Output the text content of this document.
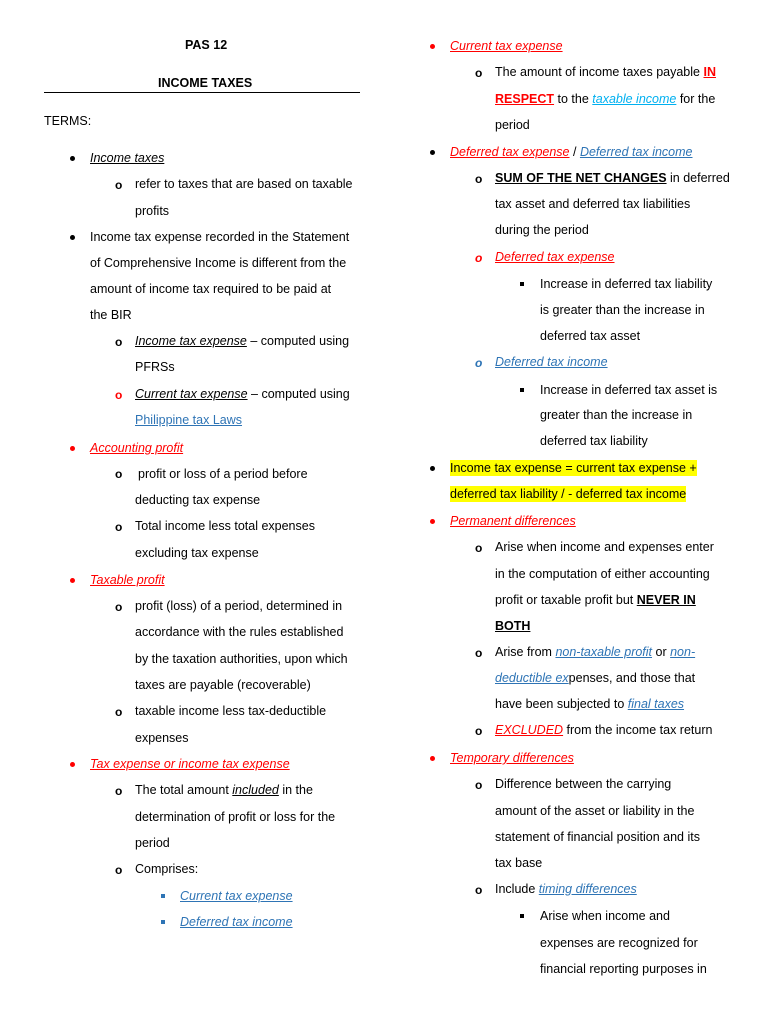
PAS 12
INCOME TAXES
TERMS:
Income taxes
o refer to taxes that are based on taxable
profits
Income tax expense recorded in the Statement
of Comprehensive Income is different from the
amount of income tax required to be paid at
the BIR
o Income tax expense – computed using
PFRSs
o Current tax expense – computed using
Philippine tax Laws
Accounting profit
o profit or loss of a period before
deducting tax expense
o Total income less total expenses
excluding tax expense
Taxable profit
o profit (loss) of a period, determined in
accordance with the rules established
by the taxation authorities, upon which
taxes are payable (recoverable)
o taxable income less tax-deductible
expenses
Tax expense or income tax expense
o The total amount included in the
determination of profit or loss for the
period
o Comprises:
Current tax expense
Deferred tax income
Current tax expense
o The amount of income taxes payable IN
RESPECT to the taxable income for the
period
Deferred tax expense / Deferred tax income
o SUM OF THE NET CHANGES in deferred
tax asset and deferred tax liabilities
during the period
o Deferred tax expense
Increase in deferred tax liability
is greater than the increase in
deferred tax asset
o Deferred tax income
Increase in deferred tax asset is
greater than the increase in
deferred tax liability
Income tax expense = current tax expense +
deferred tax liability / - deferred tax income
Permanent differences
o Arise when income and expenses enter
in the computation of either accounting
profit or taxable profit but NEVER IN
BOTH
o Arise from non-taxable profit or non-
deductible expenses, and those that
have been subjected to final taxes
o EXCLUDED from the income tax return
Temporary differences
o Difference between the carrying
amount of the asset or liability in the
statement of financial position and its
tax base
o Include timing differences
Arise when income and
expenses are recognized for
financial reporting purposes in
